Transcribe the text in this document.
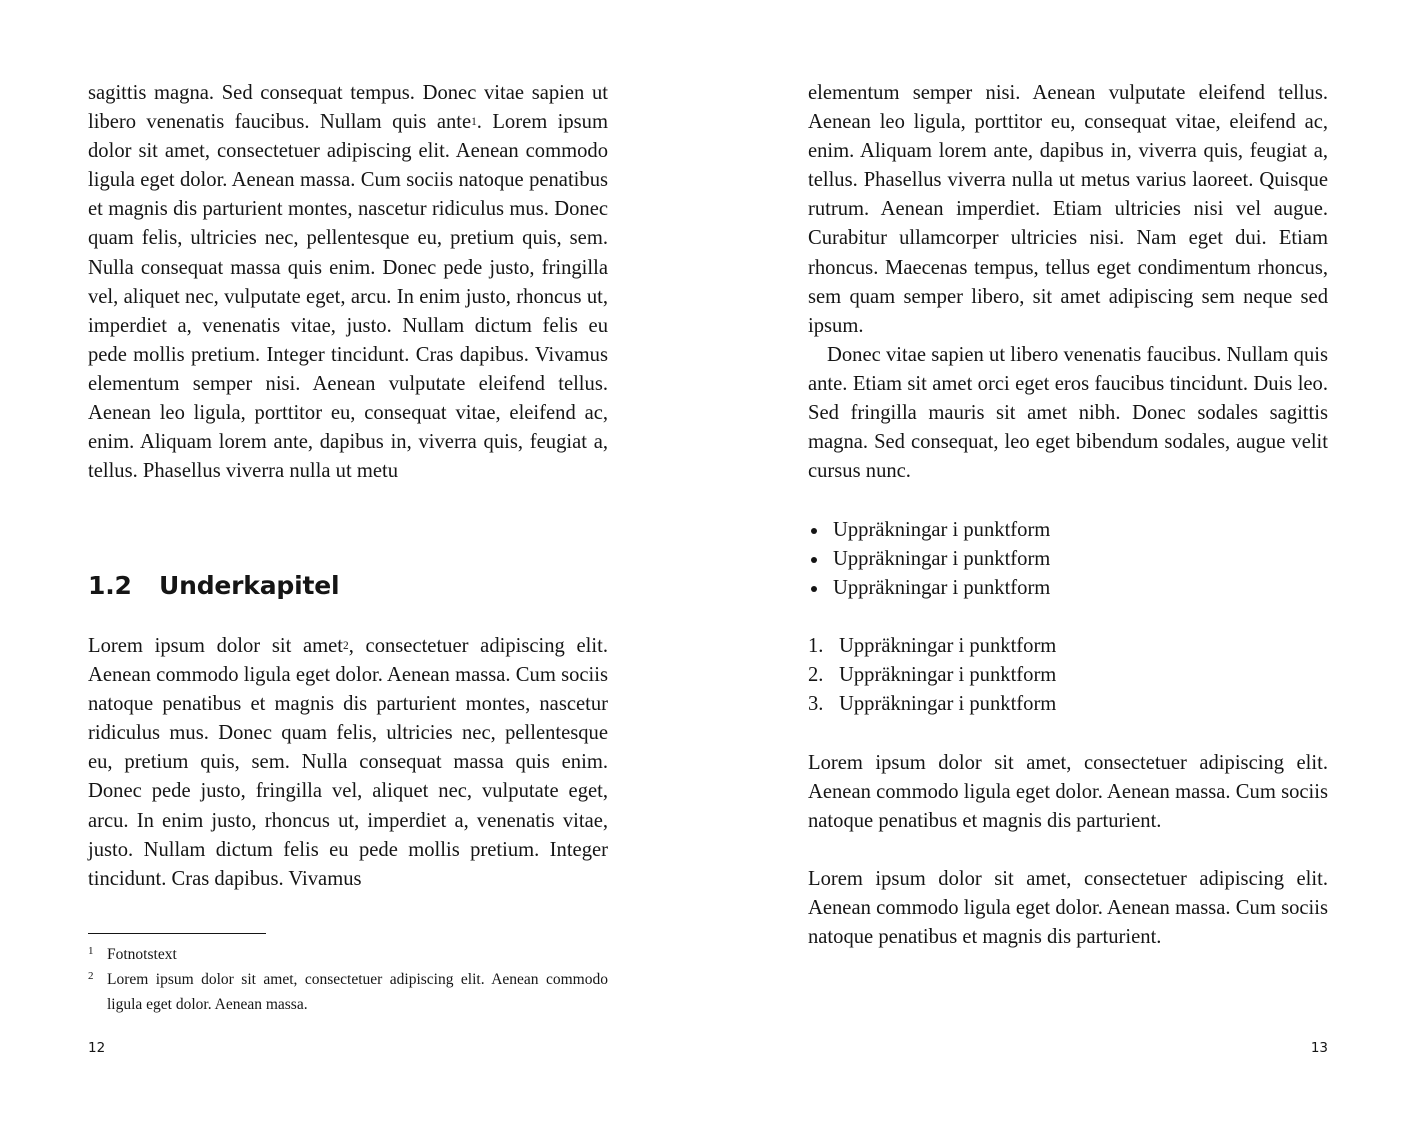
sagittis magna. Sed consequat tempus. Donec vitae sapien ut libero venenatis faucibus. Nullam quis ante$^1$. Lorem ipsum dolor sit amet, consectetuer adipiscing elit. Aenean commodo ligula eget dolor. Aenean massa. Cum sociis natoque penatibus et magnis dis parturient montes, nascetur ridiculus mus. Donec quam felis, ultricies nec, pellentesque eu, pretium quis, sem. Nulla consequat massa quis enim. Donec pede justo, fringilla vel, aliquet nec, vulputate eget, arcu. In enim justo, rhoncus ut, imperdiet a, venenatis vitae, justo. Nullam dictum felis eu pede mollis pretium. Integer tincidunt. Cras dapibus. Vivamus elementum semper nisi. Aenean vulputate eleifend tellus. Aenean leo ligula, porttitor eu, consequat vitae, eleifend ac, enim. Aliquam lorem ante, dapibus in, viverra quis, feugiat a, tellus. Phasellus viverra nulla ut metu

1.2 Underkapitel

Lorem ipsum dolor sit amet$^2$, consectetuer adipiscing elit. Aenean commodo ligula eget dolor. Aenean massa. Cum sociis natoque penatibus et magnis dis parturient montes, nascetur ridiculus mus. Donec quam felis, ultricies nec, pellentesque eu, pretium quis, sem. Nulla consequat massa quis enim. Donec pede justo, fringilla vel, aliquet nec, vulputate eget, arcu. In enim justo, rhoncus ut, imperdiet a, venenatis vitae, justo. Nullam dictum felis eu pede mollis pretium. Integer tincidunt. Cras dapibus. Vivamus

1 Fotnotstext
2 Lorem ipsum dolor sit amet, consectetuer adipiscing elit. Aenean commodo ligula eget dolor. Aenean massa.
12

elementum semper nisi. Aenean vulputate eleifend tellus. Aenean leo ligula, porttitor eu, consequat vitae, eleifend ac, enim. Aliquam lorem ante, dapibus in, viverra quis, feugiat a, tellus. Phasellus viverra nulla ut metus varius laoreet. Quisque rutrum. Aenean imperdiet. Etiam ultricies nisi vel augue. Curabitur ullamcorper ultricies nisi. Nam eget dui. Etiam rhoncus. Maecenas tempus, tellus eget condimentum rhoncus, sem quam semper libero, sit amet adipiscing sem neque sed ipsum.

Donec vitae sapien ut libero venenatis faucibus. Nullam quis ante. Etiam sit amet orci eget eros faucibus tincidunt. Duis leo. Sed fringilla mauris sit amet nibh. Donec sodales sagittis magna. Sed consequat, leo eget bibendum sodales, augue velit cursus nunc.

Uppräkningar i punktform
Uppräkningar i punktform
Uppräkningar i punktform
1. Uppräkningar i punktform
2. Uppräkningar i punktform
3. Uppräkningar i punktform

Lorem ipsum dolor sit amet, consectetuer adipiscing elit. Aenean commodo ligula eget dolor. Aenean massa. Cum sociis natoque penatibus et magnis dis parturient.

Lorem ipsum dolor sit amet, consectetuer adipiscing elit. Aenean commodo ligula eget dolor. Aenean massa. Cum sociis natoque penatibus et magnis dis parturient.

13
